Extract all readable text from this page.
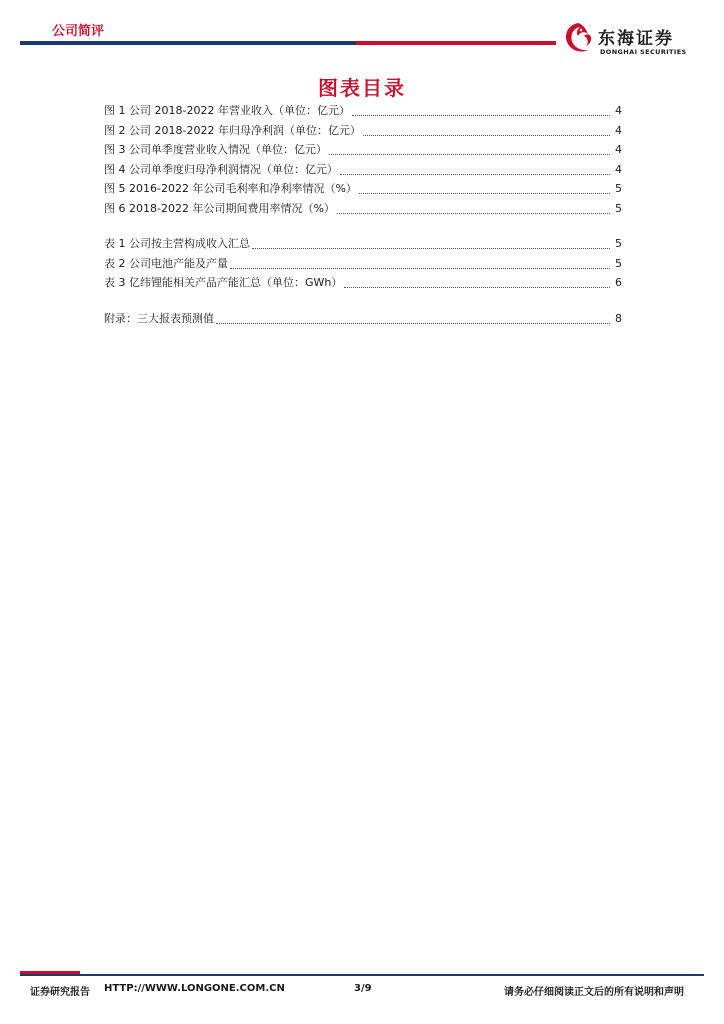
公司简评	东海证券
DONGHAI SECURITIES
图表目录
图 1 公司 2018-2022 年营业收入（单位：亿元）	4
图 2 公司 2018-2022 年归母净利润（单位：亿元）	4
图 3 公司单季度营业收入情况（单位：亿元）	4
图 4 公司单季度归母净利润情况（单位：亿元）	4
图 5 2016-2022 年公司毛利率和净利率情况（%）	5
图 6 2018-2022 年公司期间费用率情况（%）	5
表 1 公司按主营构成收入汇总	5
表 2 公司电池产能及产量	5
表 3 亿纬锂能相关产品产能汇总（单位：GWh）	6
附录：三大报表预测值	8
证券研究报告 HTTP://WWW.LONGONE.COM.CN	3/9	请务必仔细阅读正文后的所有说明和声明
